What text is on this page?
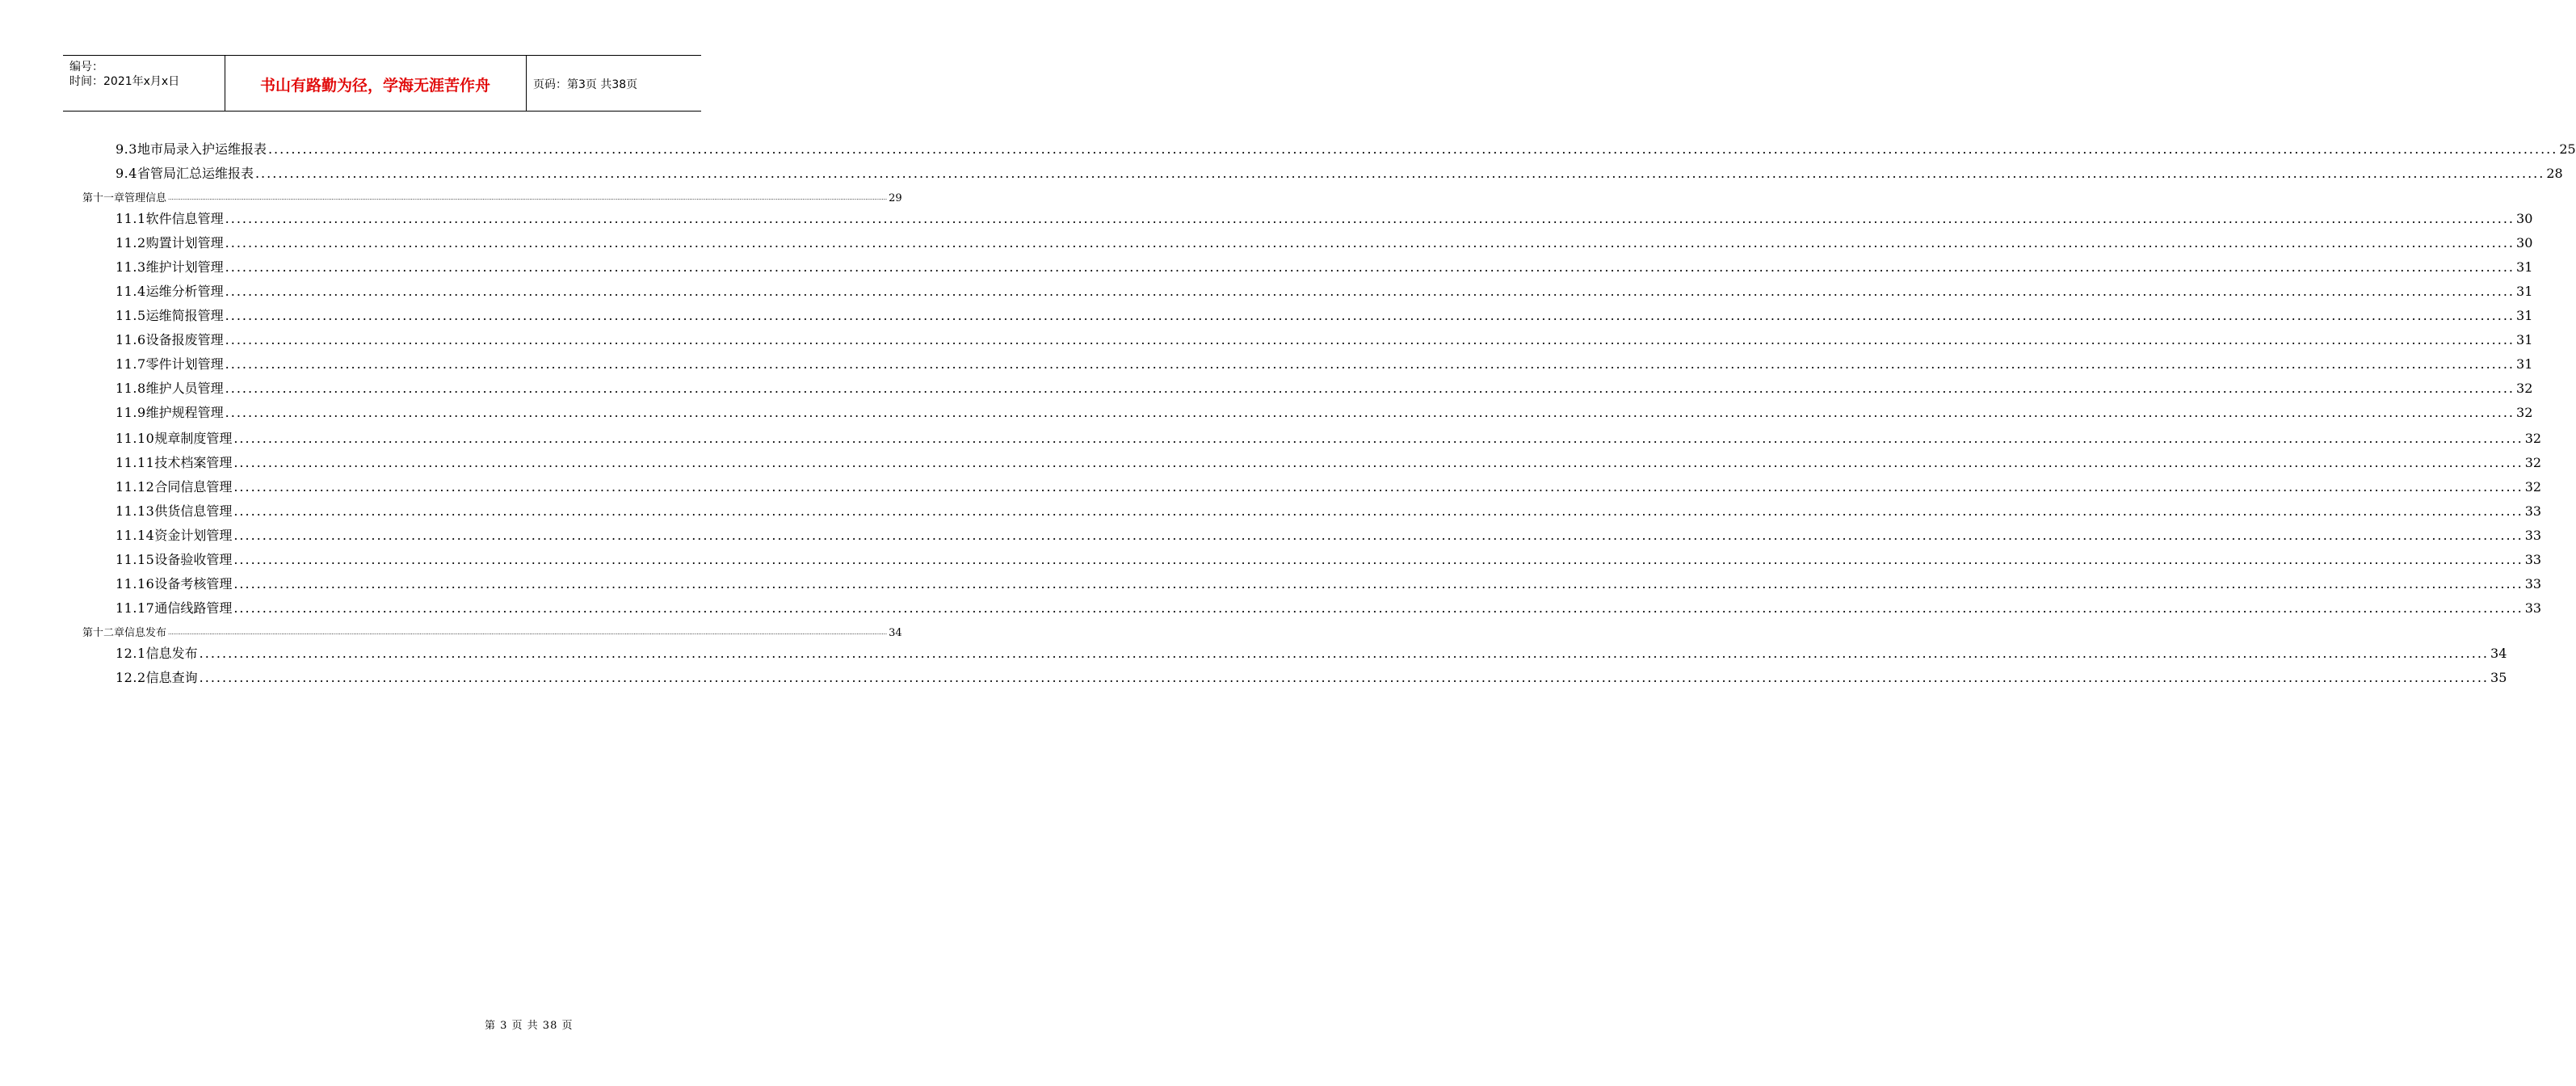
编号：
时间：2021年x月x日	书山有路勤为径，学海无涯苦作舟	页码：第3页 共38页
9.3 地市局录入护运维报表 ................................................................................................................................................................................................................................................................................................................................................................................................................ 25
9.4 省管局汇总运维报表 ................................................................................................................................................................................................................................................................................................................................................................................................................ 28
第十一章 管理信息 ................................................................................................................................................................................................................................................................................................................................................................................................................ 29
11.1 软件信息管理 ................................................................................................................................................................................................................................................................................................................................................................................................................ 30
11.2 购置计划管理 ................................................................................................................................................................................................................................................................................................................................................................................................................ 30
11.3 维护计划管理 ................................................................................................................................................................................................................................................................................................................................................................................................................ 31
11.4 运维分析管理 ................................................................................................................................................................................................................................................................................................................................................................................................................ 31
11.5 运维简报管理 ................................................................................................................................................................................................................................................................................................................................................................................................................ 31
11.6 设备报废管理 ................................................................................................................................................................................................................................................................................................................................................................................................................ 31
11.7 零件计划管理 ................................................................................................................................................................................................................................................................................................................................................................................................................ 31
11.8 维护人员管理 ................................................................................................................................................................................................................................................................................................................................................................................................................ 32
11.9 维护规程管理 ................................................................................................................................................................................................................................................................................................................................................................................................................ 32
11.10 规章制度管理 ................................................................................................................................................................................................................................................................................................................................................................................................................ 32
11.11 技术档案管理 ................................................................................................................................................................................................................................................................................................................................................................................................................ 32
11.12 合同信息管理 ................................................................................................................................................................................................................................................................................................................................................................................................................ 32
11.13 供货信息管理 ................................................................................................................................................................................................................................................................................................................................................................................................................ 33
11.14 资金计划管理 ................................................................................................................................................................................................................................................................................................................................................................................................................ 33
11.15 设备验收管理 ................................................................................................................................................................................................................................................................................................................................................................................................................ 33
11.16 设备考核管理 ................................................................................................................................................................................................................................................................................................................................................................................................................ 33
11.17 通信线路管理 ................................................................................................................................................................................................................................................................................................................................................................................................................ 33
第十二章 信息发布 ................................................................................................................................................................................................................................................................................................................................................................................................................ 34
12.1 信息发布 ................................................................................................................................................................................................................................................................................................................................................................................................................ 34
12.2 信息查询 ................................................................................................................................................................................................................................................................................................................................................................................................................ 35
第 3 页 共 38 页
